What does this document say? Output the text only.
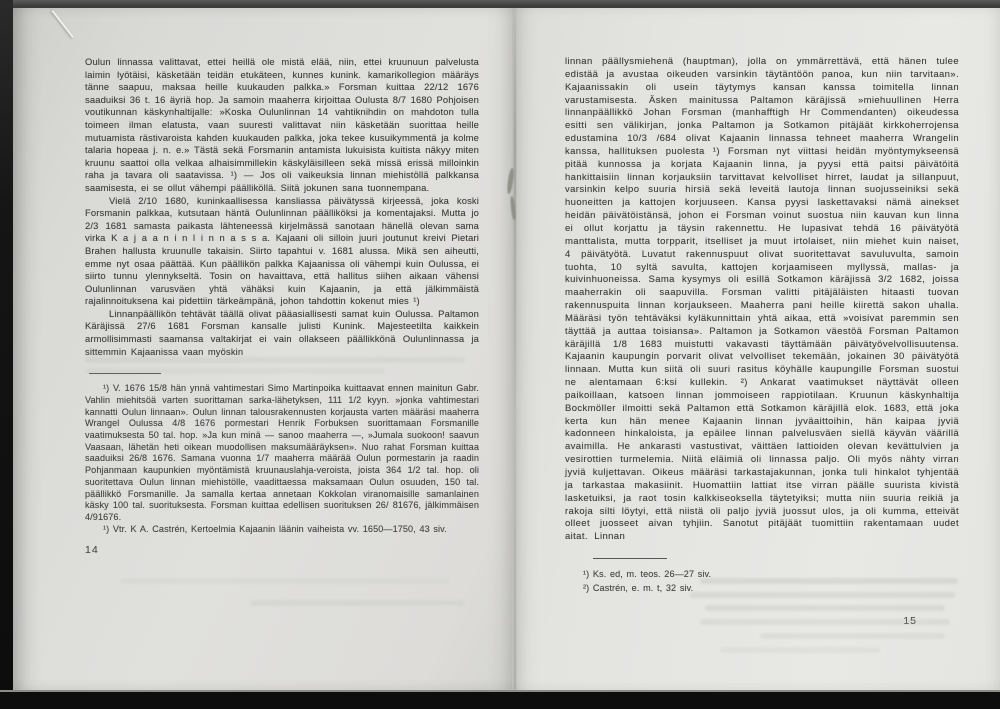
Oulun linnassa valittavat, ettei heillä ole mistä elää, niin, ettei kruunuun palvelusta laimin lyötäisi, käsketään teidän etukäteen, kunnes kunink. kamarikollegion määräys tänne saapuu, maksaa heille kuukauden palkka.» Forsman kuittaa 22/12 1676 saaduiksi 36 t. 16 äyriä hop. Ja samoin maaherra kirjoittaa Oulusta 8/7 1680 Pohjoisen voutikunnan käskynhaltijalle: »Koska Oulunlinnan 14 vahtiknihdin on mahdoton tulla toimeen ilman elatusta, vaan suuresti valittavat niin käsketään suorittaa heille mutuamista rästivaroista kahden kuukauden palkka, joka tekee kusuikymmentä ja kolme talaria hopeaa j. n. e.» Tästä sekä Forsmanin antamista lukuisista kuitista näkyy miten kruunu saattoi olla velkaa alhaisimmillekin käskyläisilleen sekä missä erissä milloinkin raha ja tavara oli saatavissa. ¹) — Jos oli vaikeuksia linnan miehistöllä palkkansa saamisesta, ei se ollut vähempi päälliköllä. Siitä jokunen sana tuonnempana.

Vielä 2/10 1680, kuninkaallisessa kansliassa päivätyssä kirjeessä, joka koski Forsmanin palkkaa, kutsutaan häntä Oulunlinnan päälliköksi ja komentajaksi. Mutta jo 2/3 1681 samasta paikasta lähteneessä kirjelmässä sanotaan hänellä olevan sama virka K a j a a n i n l i n n a s s a. Kajaani oli silloin juuri joutunut kreivi Pietari Brahen hallusta kruunulle takaisin. Siirto tapahtui v. 1681 alussa. Mikä sen aiheutti, emme nyt osaa päättää. Kun päällikön palkka Kajaanissa oli vähempi kuin Oulussa, ei siirto tunnu ylennykseltä. Tosin on havaittava, että hallitus siihen aikaan vähensi Oulunlinnan varusväen yhtä vähäksi kuin Kajaanin, ja että jälkimmäistä rajalinnoituksena kai pidettiin tärkeämpänä, johon tahdottin kokenut mies ¹)

Linnanpäällikön tehtävät täällä olivat pääasiallisesti samat kuin Oulussa. Paltamon Käräjissä 27/6 1681 Forsman kansalle julisti Kunink. Majesteetilta kaikkein armollisimmasti saamansa valtakirjat ei vain ollakseen päällikkönä Oulunlinnassa ja sittemmin Kajaanissa vaan myöskin

¹) V. 1676 15/8 hän ynnä vahtimestari Simo Martinpoika kuittaavat ennen mainitun Gabr. Vahlin miehitsöä varten suorittaman sarka-lähetyksen, 111 1/2 kyyn. »jonka vahtimestari kannatti Oulun linnaan». Oulun linnan talousrakennusten korjausta varten määräsi maaherra Wrangel Oulussa 4/8 1676 pormestari Henrik Forbuksen suorittamaan Forsmanille vaatimuksesta 50 tal. hop. »Ja kun minä — sanoo maaherra —, »Jumala suokoon! saavun Vaasaan, lähetän heti oikean muodollisen maksumääräyksen». Nuo rahat Forsman kuittaa saaduiksi 26/8 1676. Samana vuonna 1/7 maaherra määrää Oulun pormestarin ja raadin Pohjanmaan kaupunkien myöntämistä kruunauslahja-veroista, joista 364 1/2 tal. hop. oli suoritettava Oulun linnan miehistölle, vaadittaessa maksamaan Oulun osuuden, 150 tal. päällikkö Forsmanille. Ja samalla kertaa annetaan Kokkolan viranomaisille samanlainen käsky 100 tal. suorituksesta. Forsman kuittaa edellisen suorituksen 26/ 81676, jälkimmäisen 4/91676.

¹) Vtr. K A. Castrén, Kertoelmia Kajaanin läänin vaiheista vv. 1650—1750, 43 siv.

14

linnan päällysmiehenä (hauptman), jolla on ymmärrettävä, että hänen tulee edistää ja avustaa oikeuden varsinkin täytäntöön panoa, kun niin tarvitaan». Kajaanissakin oli usein täytymys kansan kanssa toimitella linnan varustamisesta. Äsken mainitussa Paltamon käräjissä »miehuullinen Herra linnanpäällikkö Johan Forsman (manhafftigh Hr Commendanten) oikeudessa esitti sen välikirjan, jonka Paltamon ja Sotkamon pitäjäät kirkkoherrojensa edustamina 10/3 /684 olivat Kajaanin linnassa tehneet maaherra Wrangelin kanssa, hallituksen puolesta ¹) Forsman nyt viittasi heidän myöntymykseensä pitää kunnossa ja korjata Kajaanin linna, ja pyysi että paitsi päivätöitä hankittaisiin linnan korjauksiin tarvittavat kelvolliset hirret, laudat ja sillanpuut, varsinkin kelpo suuria hirsiä sekä leveitä lautoja linnan suojusseiniksi sekä huoneitten ja kattojen korjuuseen. Kansa pyysi laskettavaksi nämä ainekset heidän päivätöistänsä, johon ei Forsman voinut suostua niin kauvan kun linna ei ollut korjattu ja täysin rakennettu. He lupasivat tehdä 16 päivätyötä manttalista, mutta torpparit, itselliset ja muut irtolaiset, niin miehet kuin naiset, 4 päivätyötä. Luvatut rakennuspuut olivat suoritettavat savuluvulta, samoin tuohta, 10 syltä savulta, kattojen korjaamiseen myllyssä, mallas- ja kuivinhuoneissa. Sama kysymys oli esillä Sotkamon käräjissä 3/2 1682, joissa maaherrakin oli saapuvilla. Forsman valitti pitäjäläisten hitaasti tuovan rakennuspuita linnan korjaukseen. Maaherra pani heille kiirettä sakon uhalla. Määräsi työn tehtäväksi kyläkunnittain yhtä aikaa, että »voisivat paremmin sen täyttää ja auttaa toisiansa». Paltamon ja Sotkamon väestöä Forsman Paltamon käräjillä 1/8 1683 muistutti vakavasti täyttämään päivätyövelvollisuutensa. Kajaanin kaupungin porvarit olivat velvolliset tekemään, jokainen 30 päivätyötä linnaan. Mutta kun siitä oli suuri rasitus köyhälle kaupungille Forsman suostui ne alentamaan 6:ksi kullekin. ²) Ankarat vaatimukset näyttävät olleen paikoillaan, katsoen linnan jommoiseen rappiotilaan. Kruunun käskynhaltija Bockmöller ilmoitti sekä Paltamon että Sotkamon käräjillä elok. 1683, että joka kerta kun hän menee Kajaanin linnan jyväaittoihin, hän kaipaa jyviä kadonneen hinkaloista, ja epäilee linnan palvelusväen siellä käyvän väärillä avaimilla. He ankarasti vastustivat, väittäen lattioiden olevan kevättulvien ja vesirottien turmelemia. Niitä eläimiä oli linnassa paljo. Oli myös nähty virran jyviä kuljettavan. Oikeus määräsi tarkastajakunnan, jonka tuli hinkalot tyhjentää ja tarkastaa makasiinit. Huomattiin lattiat itse virran päälle suurista kivistä lasketuiksi, ja raot tosin kalkkiseoksella täytetyiksi; mutta niin suuria reikiä ja rakoja silti löytyi, että niistä oli paljo jyviä juossut ulos, ja oli kumma, etteivät olleet juosseet aivan tyhjiin. Sanotut pitäjäät tuomittiin rakentamaan uudet aitat. Linnan

¹) Ks. ed, m. teos. 26—27 siv.

²) Castrén, e. m. t, 32 siv.

15
